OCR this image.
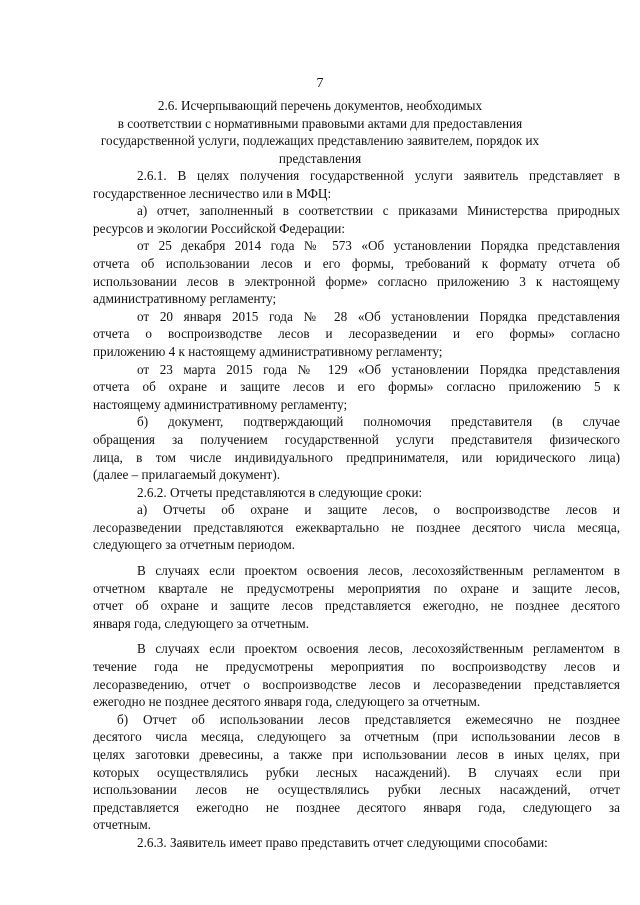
7
2.6. Исчерпывающий перечень документов, необходимых
в соответствии с нормативными правовыми актами для предоставления
государственной услуги, подлежащих представлению заявителем, порядок их
представления
2.6.1. В целях получения государственной услуги заявитель представляет в
государственное лесничество или в МФЦ:
а) отчет, заполненный в соответствии с приказами Министерства природных
ресурсов и экологии Российской Федерации:
от 25 декабря 2014 года № 573 «Об установлении Порядка представления
отчета об использовании лесов и его формы, требований к формату отчета об
использовании лесов в электронной форме» согласно приложению 3 к настоящему
административному регламенту;
от 20 января 2015 года № 28 «Об установлении Порядка представления
отчета о воспроизводстве лесов и лесоразведении и его формы» согласно
приложению 4 к настоящему административному регламенту;
от 23 марта 2015 года № 129 «Об установлении Порядка представления
отчета об охране и защите лесов и его формы» согласно приложению 5 к
настоящему административному регламенту;
б) документ, подтверждающий полномочия представителя (в случае
обращения за получением государственной услуги представителя физического
лица, в том числе индивидуального предпринимателя, или юридического лица)
(далее – прилагаемый документ).
2.6.2. Отчеты представляются в следующие сроки:
а) Отчеты об охране и защите лесов, о воспроизводстве лесов и
лесоразведении представляются ежеквартально не позднее десятого числа месяца,
следующего за отчетным периодом.
В случаях если проектом освоения лесов, лесохозяйственным регламентом в
отчетном квартале не предусмотрены мероприятия по охране и защите лесов,
отчет об охране и защите лесов представляется ежегодно, не позднее десятого
января года, следующего за отчетным.
В случаях если проектом освоения лесов, лесохозяйственным регламентом в
течение года не предусмотрены мероприятия по воспроизводству лесов и
лесоразведению, отчет о воспроизводстве лесов и лесоразведении представляется
ежегодно не позднее десятого января года, следующего за отчетным.
б) Отчет об использовании лесов представляется ежемесячно не позднее
десятого числа месяца, следующего за отчетным (при использовании лесов в
целях заготовки древесины, а также при использовании лесов в иных целях, при
которых осуществлялись рубки лесных насаждений). В случаях если при
использовании лесов не осуществлялись рубки лесных насаждений, отчет
представляется ежегодно не позднее десятого января года, следующего за
отчетным.
2.6.3. Заявитель имеет право представить отчет следующими способами:
